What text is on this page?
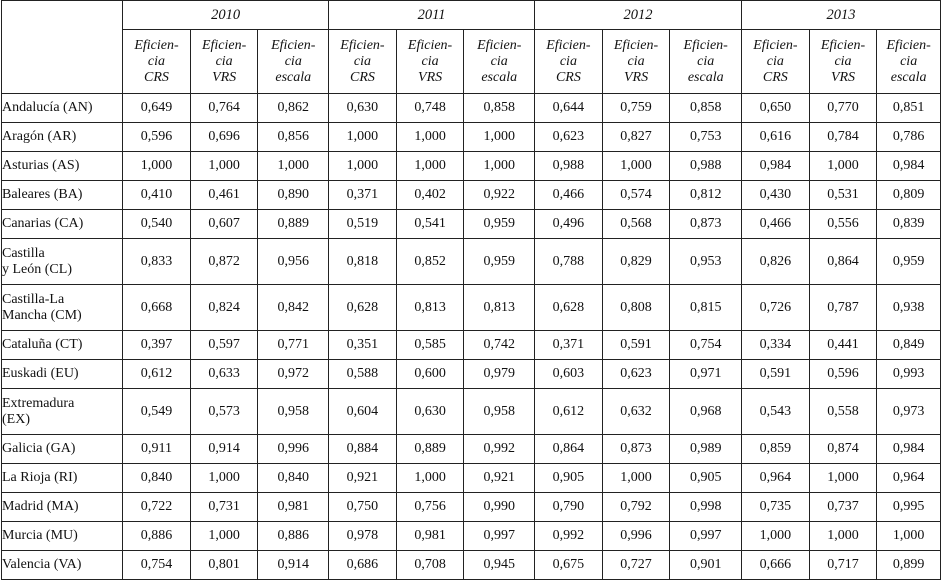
	2010			2011			2012			2013		

	Eficien-
cia
CRS	Eficien-
cia
VRS	Eficien-
cia
escala	Eficien-
cia
CRS	Eficien-
cia
VRS	Eficien-
cia
escala	Eficien-
cia
CRS	Eficien-
cia
VRS	Eficien-
cia
escala	Eficien-
cia
CRS	Eficien-
cia
VRS	Eficien-
cia
escala

Andalucía (AN)	0,649	0,764	0,862	0,630	0,748	0,858	0,644	0,759	0,858	0,650	0,770	0,851
Aragón (AR)	0,596	0,696	0,856	1,000	1,000	1,000	0,623	0,827	0,753	0,616	0,784	0,786
Asturias (AS)	1,000	1,000	1,000	1,000	1,000	1,000	0,988	1,000	0,988	0,984	1,000	0,984
Baleares (BA)	0,410	0,461	0,890	0,371	0,402	0,922	0,466	0,574	0,812	0,430	0,531	0,809
Canarias (CA)	0,540	0,607	0,889	0,519	0,541	0,959	0,496	0,568	0,873	0,466	0,556	0,839
Castilla
y León (CL)	0,833	0,872	0,956	0,818	0,852	0,959	0,788	0,829	0,953	0,826	0,864	0,959
Castilla-La
Mancha (CM)	0,668	0,824	0,842	0,628	0,813	0,813	0,628	0,808	0,815	0,726	0,787	0,938
Cataluña (CT)	0,397	0,597	0,771	0,351	0,585	0,742	0,371	0,591	0,754	0,334	0,441	0,849
Euskadi (EU)	0,612	0,633	0,972	0,588	0,600	0,979	0,603	0,623	0,971	0,591	0,596	0,993
Extremadura
(EX)	0,549	0,573	0,958	0,604	0,630	0,958	0,612	0,632	0,968	0,543	0,558	0,973
Galicia (GA)	0,911	0,914	0,996	0,884	0,889	0,992	0,864	0,873	0,989	0,859	0,874	0,984
La Rioja (RI)	0,840	1,000	0,840	0,921	1,000	0,921	0,905	1,000	0,905	0,964	1,000	0,964
Madrid (MA)	0,722	0,731	0,981	0,750	0,756	0,990	0,790	0,792	0,998	0,735	0,737	0,995
Murcia (MU)	0,886	1,000	0,886	0,978	0,981	0,997	0,992	0,996	0,997	1,000	1,000	1,000
Valencia (VA)	0,754	0,801	0,914	0,686	0,708	0,945	0,675	0,727	0,901	0,666	0,717	0,899
